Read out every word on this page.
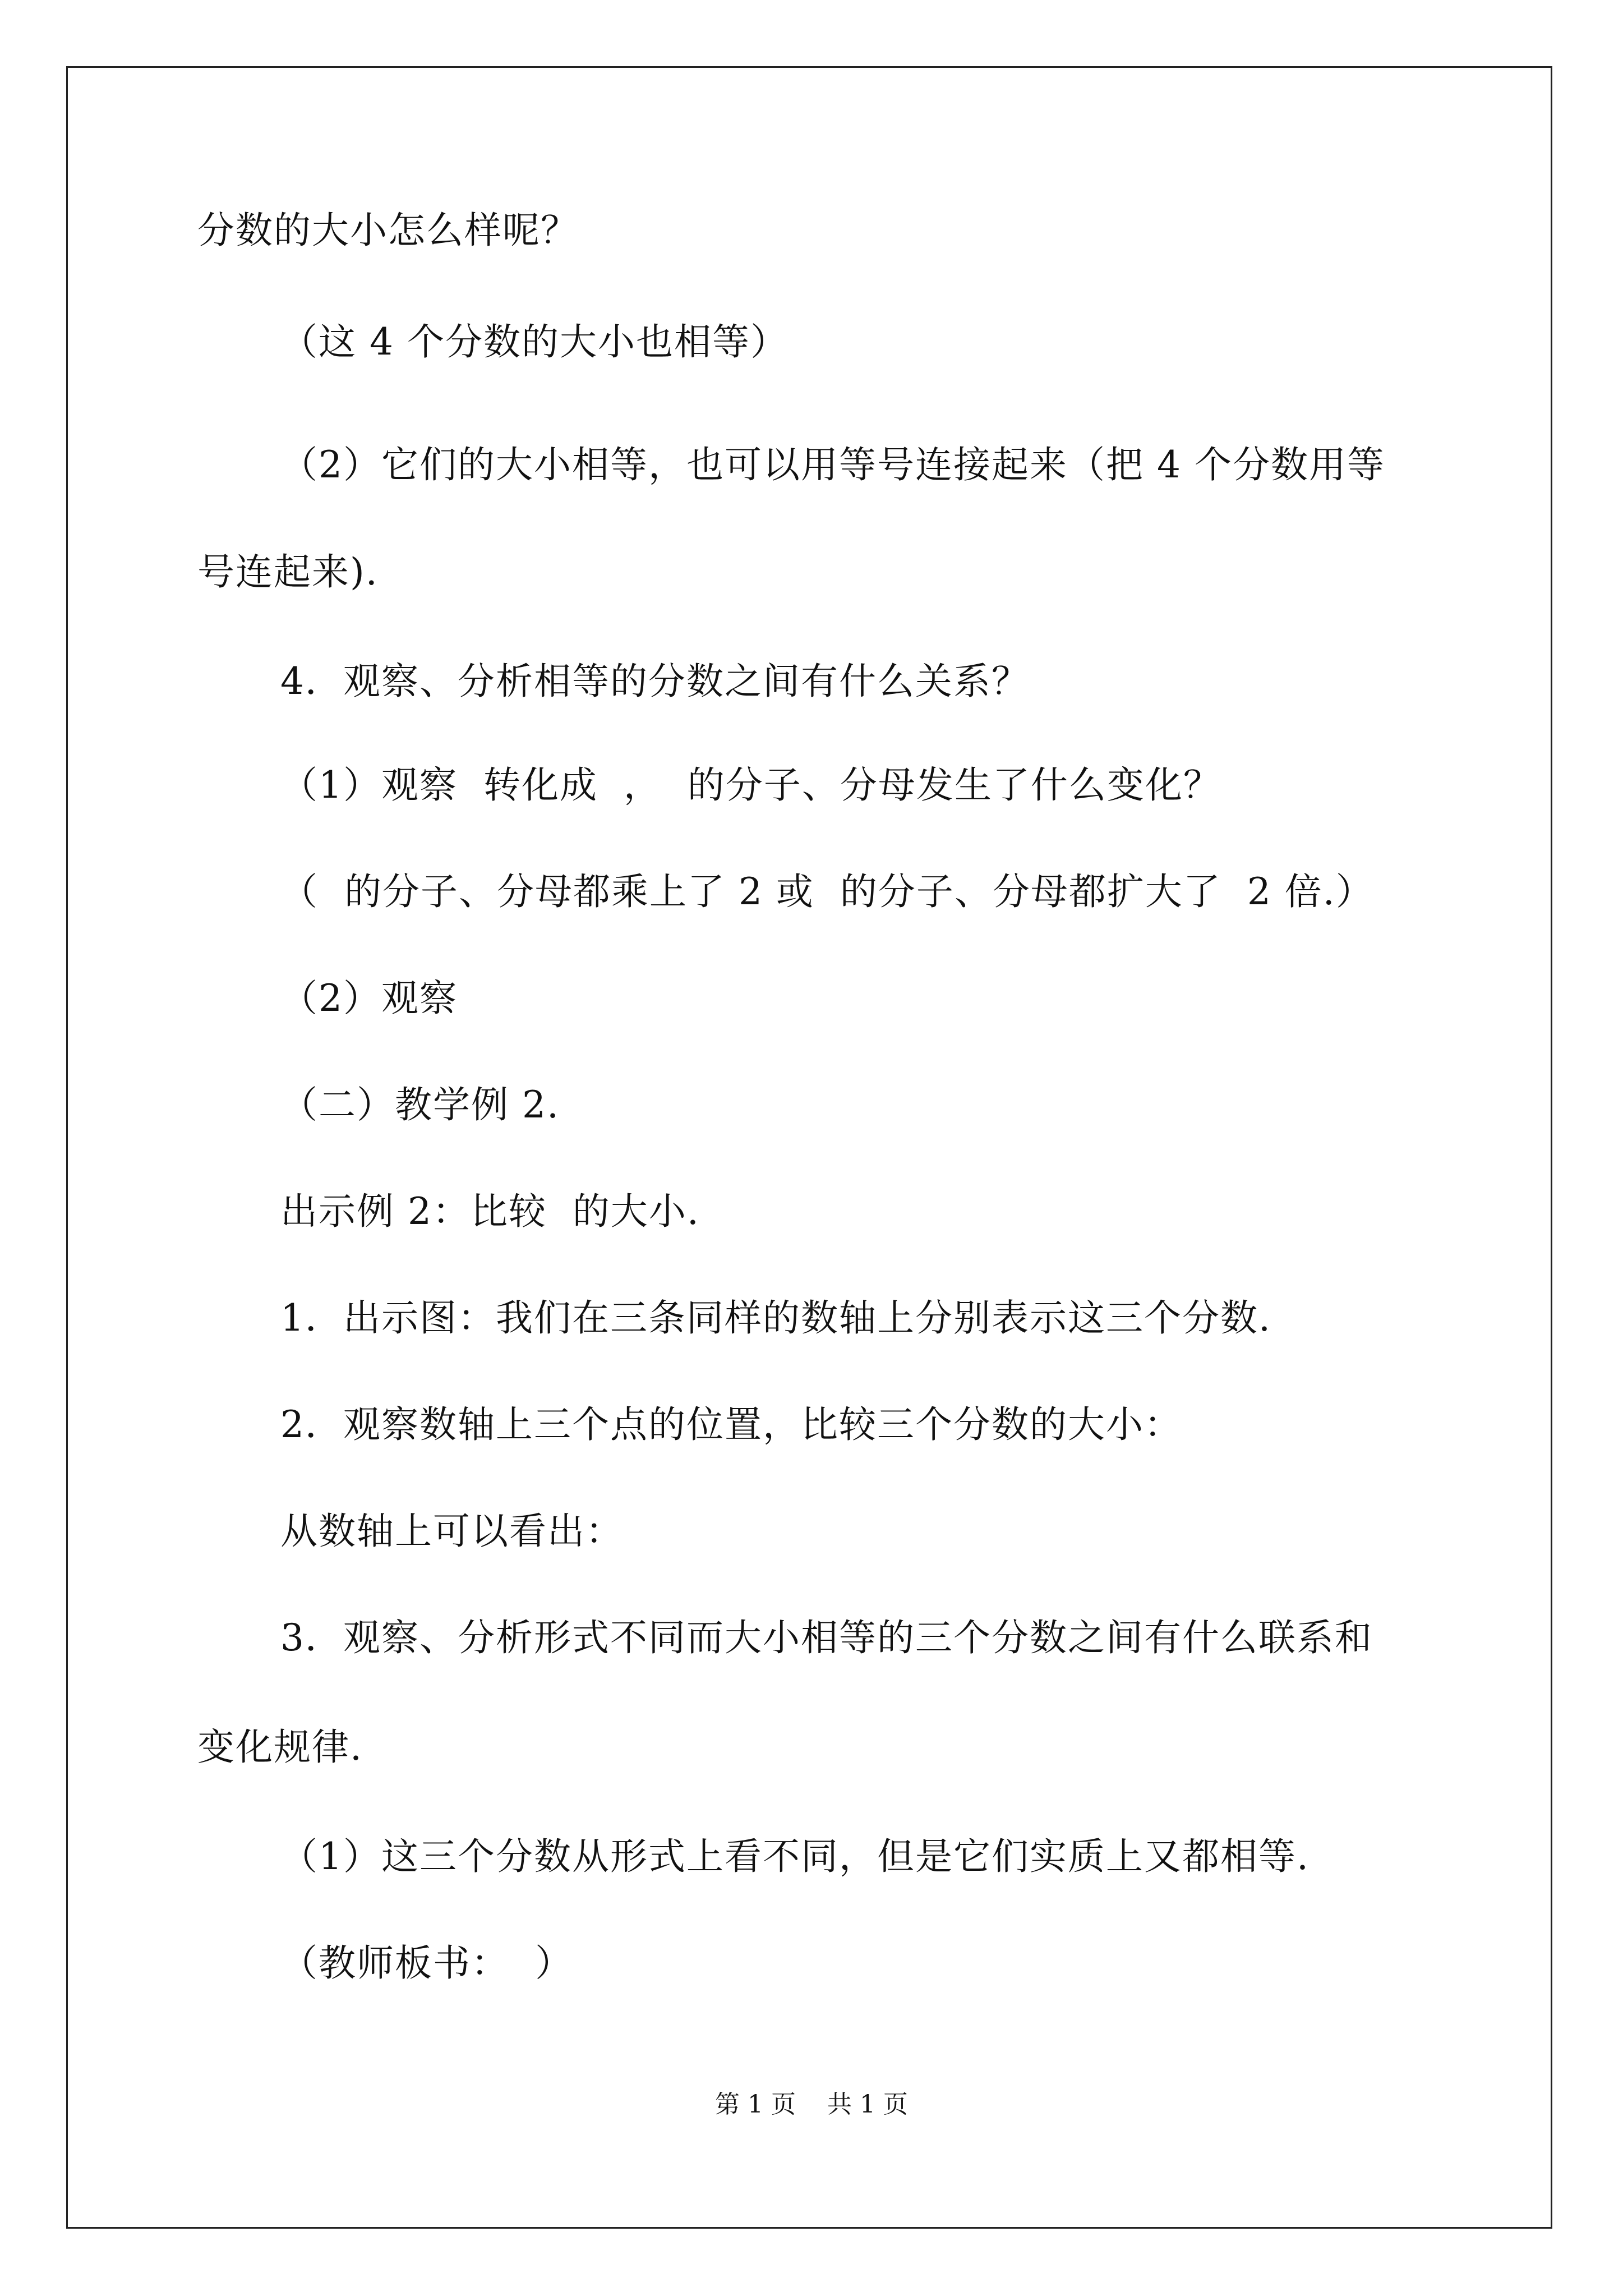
分数的大小怎么样呢？
（这 4 个分数的大小也相等）
（2）它们的大小相等，也可以用等号连接起来（把 4 个分数用等
号连起来).
4．观察、分析相等的分数之间有什么关系？
（1）观察  转化成  ，  的分子、分母发生了什么变化？
（  的分子、分母都乘上了 2 或  的分子、分母都扩大了  2 倍.）
（2）观察
（二）教学例 2.
出示例 2：比较  的大小.
1．出示图：我们在三条同样的数轴上分别表示这三个分数.
2．观察数轴上三个点的位置，比较三个分数的大小：
从数轴上可以看出：
3．观察、分析形式不同而大小相等的三个分数之间有什么联系和
变化规律.
（1）这三个分数从形式上看不同，但是它们实质上又都相等.
（教师板书：  ）
第 1 页    共 1 页
